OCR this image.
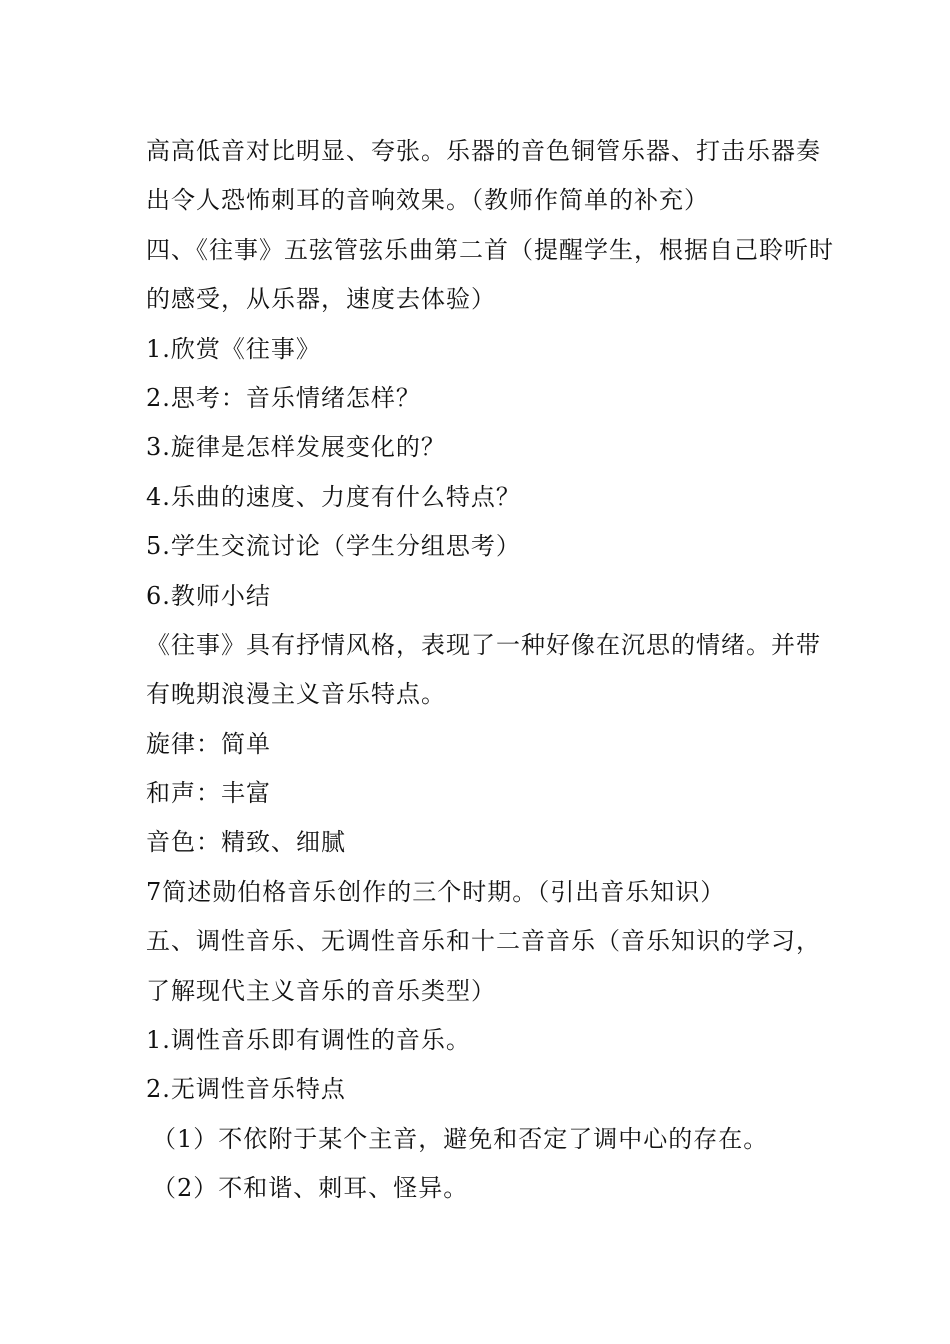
高高低音对比明显、夸张。乐器的音色铜管乐器、打击乐器奏
出令人恐怖刺耳的音响效果。（教师作简单的补充）
四、《往事》五弦管弦乐曲第二首（提醒学生，根据自己聆听时
的感受，从乐器，速度去体验）
1.欣赏《往事》
2.思考：音乐情绪怎样？
3.旋律是怎样发展变化的？
4.乐曲的速度、力度有什么特点？
5.学生交流讨论（学生分组思考）
6.教师小结
《往事》具有抒情风格，表现了一种好像在沉思的情绪。并带
有晚期浪漫主义音乐特点。
旋律：简单
和声：丰富
音色：精致、细腻
7简述勋伯格音乐创作的三个时期。（引出音乐知识）
五、调性音乐、无调性音乐和十二音音乐（音乐知识的学习，
了解现代主义音乐的音乐类型）
1.调性音乐即有调性的音乐。
2.无调性音乐特点
（1）不依附于某个主音，避免和否定了调中心的存在。
（2）不和谐、刺耳、怪异。
